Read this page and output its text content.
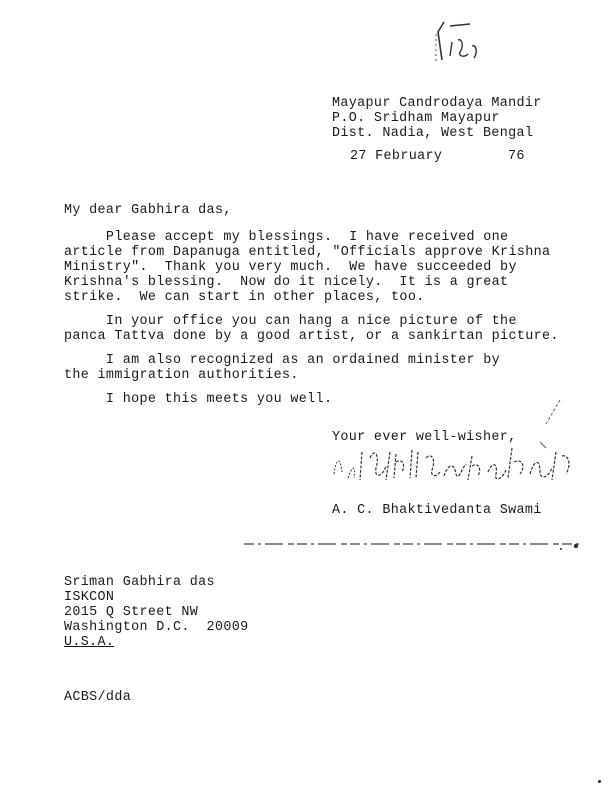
Mayapur Candrodaya Mandir
P.O. Sridham Mayapur
Dist. Nadia, West Bengal
27 February	76
My dear Gabhira das,
Please accept my blessings.  I have received one
article from Dapanuga entitled, "Officials approve Krishna
Ministry".  Thank you very much.  We have succeeded by
Krishna's blessing.  Now do it nicely.  It is a great
strike.  We can start in other places, too.
In your office you can hang a nice picture of the
panca Tattva done by a good artist, or a sankirtan picture.
I am also recognized as an ordained minister by
the immigration authorities.
I hope this meets you well.
Your ever well-wisher,
A. C. Bhaktivedanta Swami
Sriman Gabhira das
ISKCON
2015 Q Street NW
Washington D.C.  20009
U.S.A.
ACBS/dda
